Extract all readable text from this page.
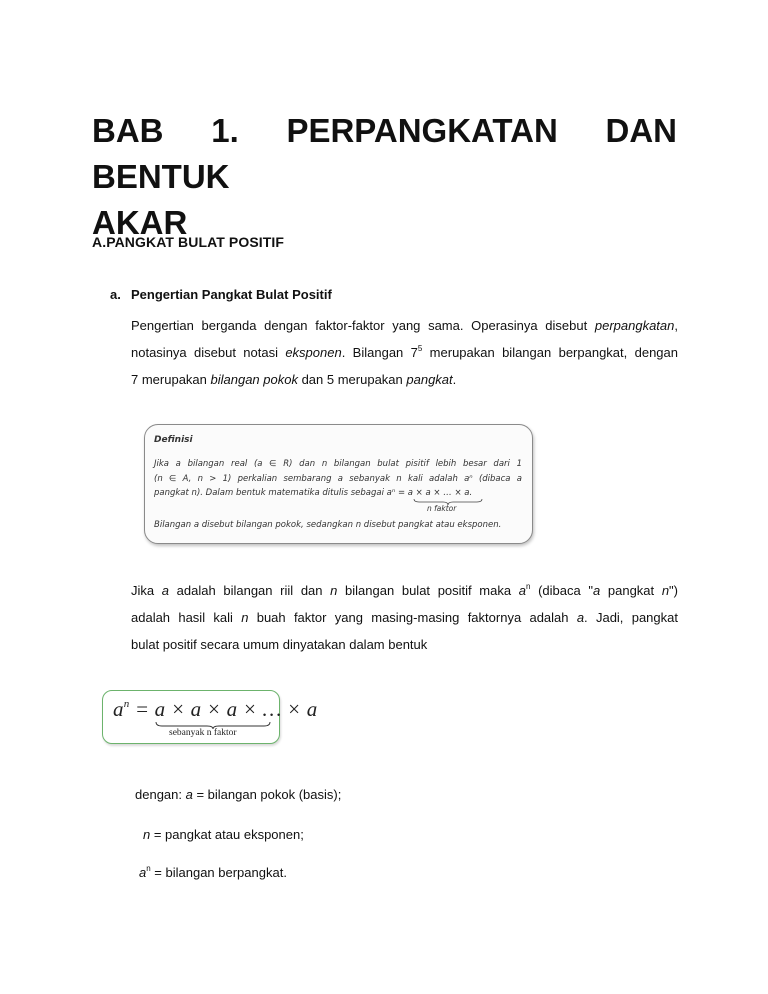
BAB 1. PERPANGKATAN DAN BENTUK
AKAR
A.PANGKAT BULAT POSITIF
a. Pengertian Pangkat Bulat Positif
Pengertian berganda dengan faktor-faktor yang sama. Operasinya disebut perpangkatan,
notasinya disebut notasi eksponen. Bilangan $7^5$ merupakan bilangan berpangkat, dengan
7 merupakan bilangan pokok dan 5 merupakan pangkat.
Definisi
Jika a bilangan real (a ∈ R) dan n bilangan bulat pisitif lebih besar dari 1
(n ∈ A, n > 1) perkalian sembarang a sebanyak n kali adalah aⁿ (dibaca a
pangkat n). Dalam bentuk matematika ditulis sebagai aⁿ = a × a × … × a.
n faktor
Bilangan a disebut bilangan pokok, sedangkan n disebut pangkat atau eksponen.
Jika a adalah bilangan riil dan n bilangan bulat positif maka $a^n$ (dibaca "a pangkat n")
adalah hasil kali n buah faktor yang masing-masing faktornya adalah a. Jadi, pangkat
bulat positif secara umum dinyatakan dalam bentuk
$a^n = a \times a \times a$ × … × a
sebanyak n faktor

dengan: a = bilangan pokok (basis);

n = pangkat atau eksponen;

$a^n$ = bilangan berpangkat.
